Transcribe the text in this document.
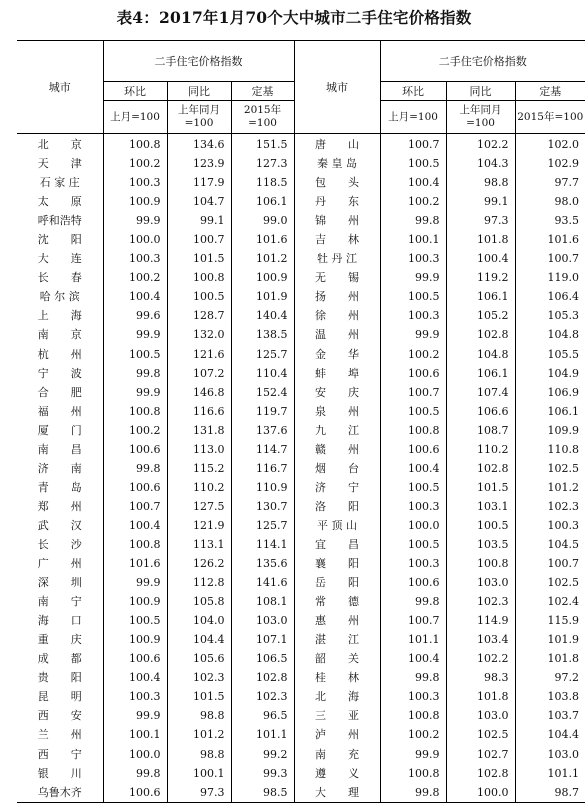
表4：2017年1月70个大中城市二手住宅价格指数
城市	二手住宅价格指数			城市	二手住宅价格指数		
	环比	同比	定基		环比	同比	定基
	上月=100	上年同月=100	2015年=100		上月=100	上年同月=100	2015年=100
北　　京	100.8	134.6	151.5	唐　　山	100.7	102.2	102.0
天　　津	100.2	123.9	127.3	秦 皇 岛	100.5	104.3	102.9
石 家 庄	100.3	117.9	118.5	包　　头	100.4	98.8	97.7
太　　原	100.9	104.7	106.1	丹　　东	100.2	99.1	98.0
呼和浩特	99.9	99.1	99.0	锦　　州	99.8	97.3	93.5
沈　　阳	100.0	100.7	101.6	吉　　林	100.1	101.8	101.6
大　　连	100.3	101.5	101.2	牡 丹 江	100.3	100.4	100.7
长　　春	100.2	100.8	100.9	无　　锡	99.9	119.2	119.0
哈 尔 滨	100.4	100.5	101.9	扬　　州	100.5	106.1	106.4
上　　海	99.6	128.7	140.4	徐　　州	100.3	105.2	105.3
南　　京	99.9	132.0	138.5	温　　州	99.9	102.8	104.8
杭　　州	100.5	121.6	125.7	金　　华	100.2	104.8	105.5
宁　　波	99.8	107.2	110.4	蚌　　埠	100.6	106.1	104.9
合　　肥	99.9	146.8	152.4	安　　庆	100.7	107.4	106.9
福　　州	100.8	116.6	119.7	泉　　州	100.5	106.6	106.1
厦　　门	100.2	131.8	137.6	九　　江	100.8	108.7	109.9
南　　昌	100.6	113.0	114.7	赣　　州	100.6	110.2	110.8
济　　南	99.8	115.2	116.7	烟　　台	100.4	102.8	102.5
青　　岛	100.6	110.2	110.9	济　　宁	100.5	101.5	101.2
郑　　州	100.7	127.5	130.7	洛　　阳	100.3	103.1	102.3
武　　汉	100.4	121.9	125.7	平 顶 山	100.0	100.5	100.3
长　　沙	100.8	113.1	114.1	宜　　昌	100.5	103.5	104.5
广　　州	101.6	126.2	135.6	襄　　阳	100.3	100.8	100.7
深　　圳	99.9	112.8	141.6	岳　　阳	100.6	103.0	102.5
南　　宁	100.9	105.8	108.1	常　　德	99.8	102.3	102.4
海　　口	100.5	104.0	103.0	惠　　州	100.7	114.9	115.9
重　　庆	100.9	104.4	107.1	湛　　江	101.1	103.4	101.9
成　　都	100.6	105.6	106.5	韶　　关	100.4	102.2	101.8
贵　　阳	100.4	102.3	102.8	桂　　林	99.8	98.3	97.2
昆　　明	100.3	101.5	102.3	北　　海	100.3	101.8	103.8
西　　安	99.9	98.8	96.5	三　　亚	100.8	103.0	103.7
兰　　州	100.1	101.2	101.1	泸　　州	100.2	102.5	104.4
西　　宁	100.0	98.8	99.2	南　　充	99.9	102.7	103.0
银　　川	99.8	100.1	99.3	遵　　义	100.8	102.8	101.1
乌鲁木齐	100.6	97.3	98.5	大　　理	99.8	100.0	98.7
